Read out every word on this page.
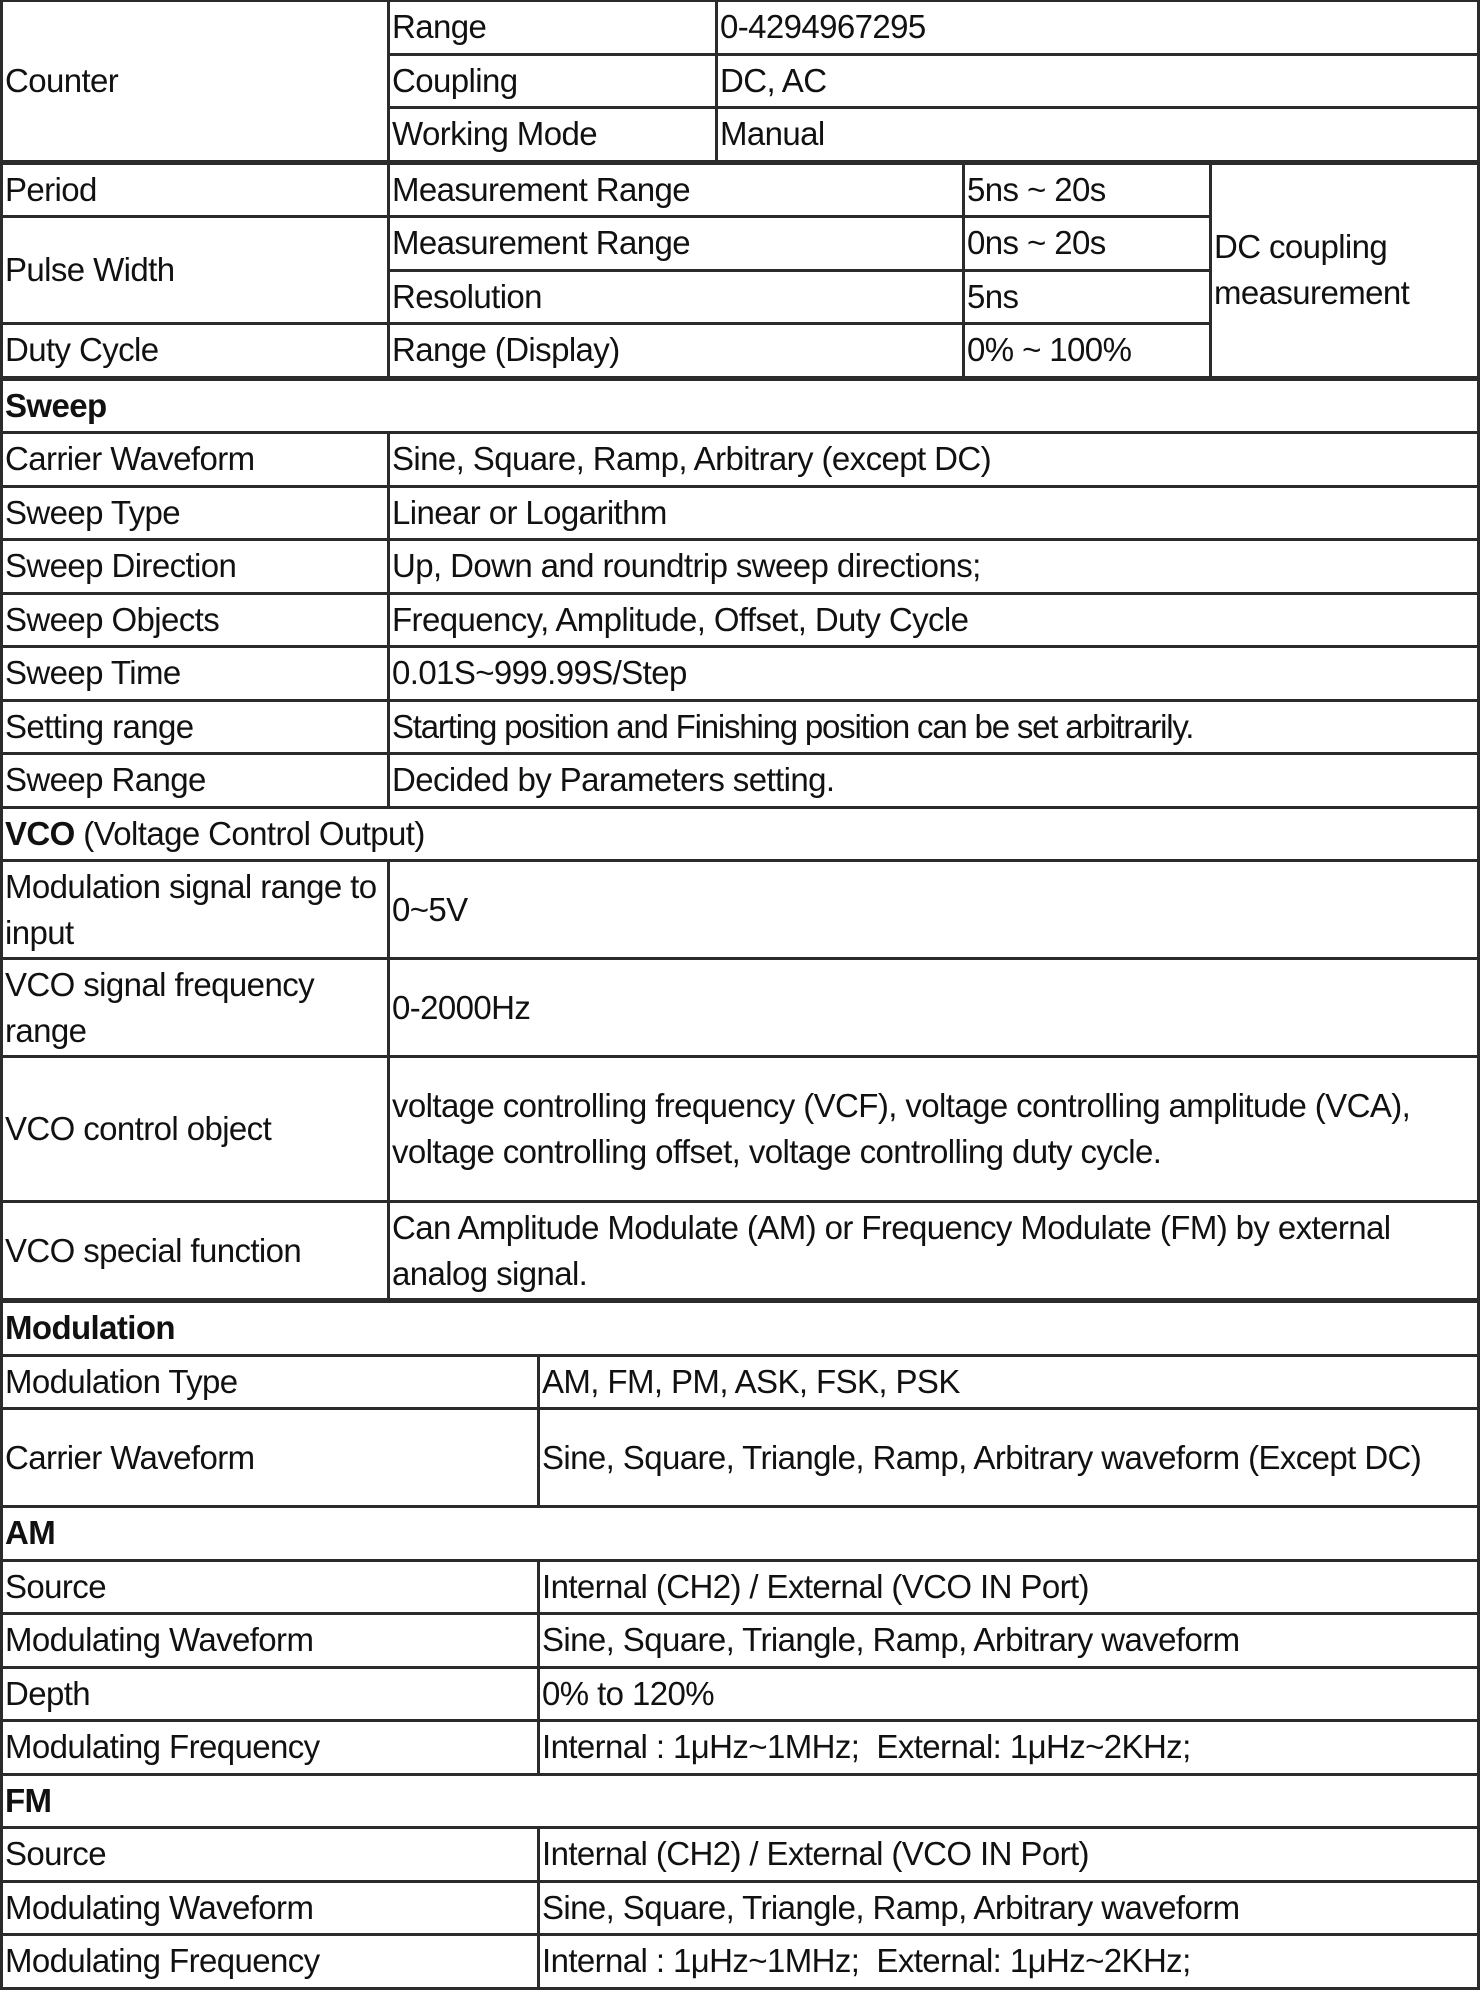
Counter	Range	0-4294967295
	Coupling	DC, AC
	Working Mode	Manual
Period	Measurement Range	5ns ~ 20s	DC coupling measurement
Pulse Width	Measurement Range	0ns ~ 20s	
	Resolution	5ns	
Duty Cycle	Range (Display)	0% ~ 100%	
Sweep	
Carrier Waveform	Sine, Square, Ramp, Arbitrary (except DC)
Sweep Type	Linear or Logarithm
Sweep Direction	Up, Down and roundtrip sweep directions;
Sweep Objects	Frequency, Amplitude, Offset, Duty Cycle
Sweep Time	0.01S~999.99S/Step
Setting range	Starting position and Finishing position can be set arbitrarily.
Sweep Range	Decided by Parameters setting.
VCO (Voltage Control Output)	
Modulation signal range to input	0~5V
VCO signal frequency range	0-2000Hz
VCO control object	voltage controlling frequency (VCF), voltage controlling amplitude (VCA), voltage controlling offset, voltage controlling duty cycle.
VCO special function	Can Amplitude Modulate (AM) or Frequency Modulate (FM) by external analog signal.
Modulation	
Modulation Type	AM, FM, PM, ASK, FSK, PSK
Carrier Waveform	Sine, Square, Triangle, Ramp, Arbitrary waveform (Except DC)
AM	
Source	Internal (CH2) / External (VCO IN Port)
Modulating Waveform	Sine, Square, Triangle, Ramp, Arbitrary waveform
Depth	0% to 120%
Modulating Frequency	Internal : 1μHz~1MHz;  External: 1μHz~2KHz;
FM	
Source	Internal (CH2) / External (VCO IN Port)
Modulating Waveform	Sine, Square, Triangle, Ramp, Arbitrary waveform
Modulating Frequency	Internal : 1μHz~1MHz;  External: 1μHz~2KHz;
